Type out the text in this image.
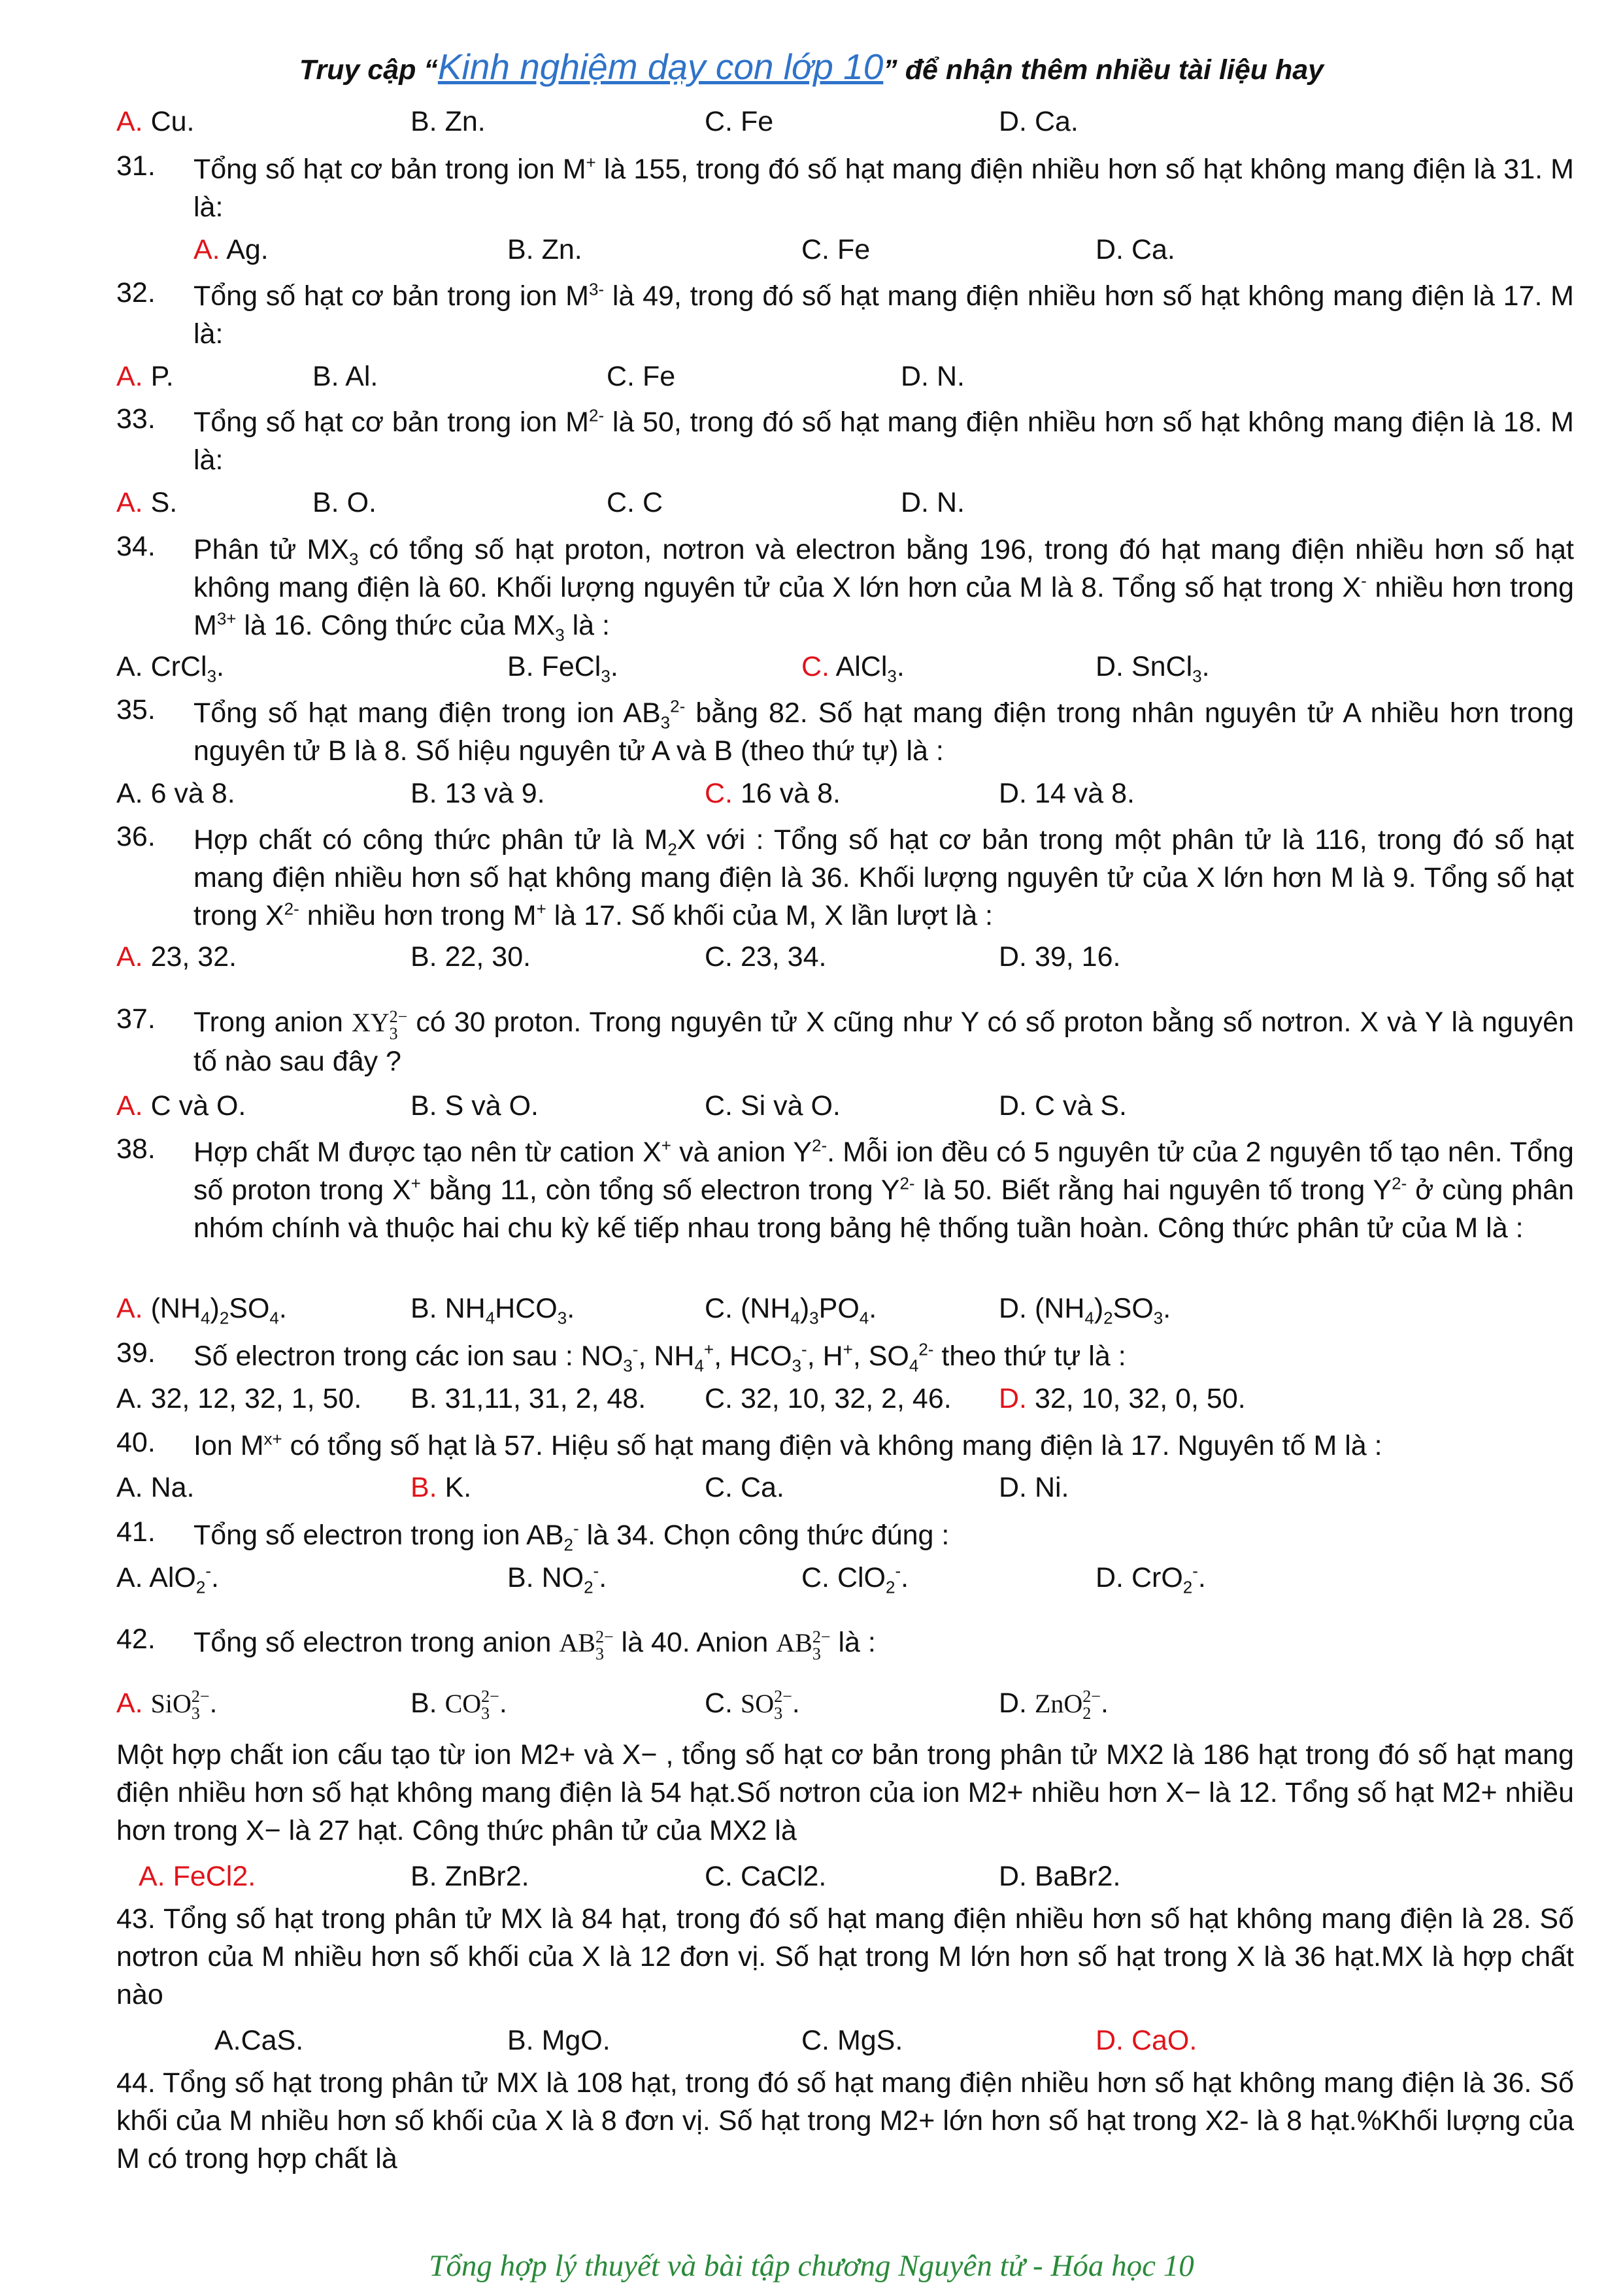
Truy cập “Kinh nghiệm dạy con lớp 10” để nhận thêm nhiều tài liệu hay
A. Cu.	B. Zn.	C. Fe	D. Ca.
31. Tổng số hạt cơ bản trong ion M+ là 155, trong đó số hạt mang điện nhiều hơn số hạt không mang điện là 31. M là:
A. Ag.	B. Zn.	C. Fe	D. Ca.
32. Tổng số hạt cơ bản trong ion $M^{3-}$ là 49, trong đó số hạt mang điện nhiều hơn số hạt không mang điện là 17. M là:
A. P.	B. Al.	C. Fe	D. N.
33. Tổng số hạt cơ bản trong ion $M^{2-}$ là 50, trong đó số hạt mang điện nhiều hơn số hạt không mang điện là 18. M là:
A. S.	B. O.	C. C	D. N.
34. Phân tử $MX_3$ có tổng số hạt proton, nơtron và electron bằng 196, trong đó hạt mang điện nhiều hơn số hạt không mang điện là 60. Khối lượng nguyên tử của X lớn hơn của M là 8. Tổng số hạt trong X- nhiều hơn trong $M^{3+}$ là 16. Công thức của $MX_3$ là :
A. CrCl$_3$.	B. FeCl$_3$.	C. AlCl$_3$.	D. SnCl$_3$.
35. Tổng số hạt mang điện trong ion $AB_3^{2-}$ bằng 82. Số hạt mang điện trong nhân nguyên tử A nhiều hơn trong nguyên tử B là 8. Số hiệu nguyên tử A và B (theo thứ tự) là :
A. 6 và 8.	B. 13 và 9.	C. 16 và 8.	D. 14 và 8.
36. Hợp chất có công thức phân tử là $M_2X$ với : Tổng số hạt cơ bản trong một phân tử là 116, trong đó số hạt mang điện nhiều hơn số hạt không mang điện là 36. Khối lượng nguyên tử của X lớn hơn M là 9. Tổng số hạt trong $X^{2-}$ nhiều hơn trong M+ là 17. Số khối của M, X lần lượt là :
A. 23, 32.	B. 22, 30.	C. 23, 34.	D. 39, 16.
37. Trong anion XY2−
3 có 30 proton. Trong nguyên tử X cũng như Y có số proton bằng số nơtron. X và Y là nguyên tố nào sau đây ?
A. C và O.	B. S và O.	C. Si và O.	D. C và S.
38. Hợp chất M được tạo nên từ cation X+ và anion $Y^{2-}$. Mỗi ion đều có 5 nguyên tử của 2 nguyên tố tạo nên. Tổng số proton trong X+ bằng 11, còn tổng số electron trong $Y^{2-}$ là 50. Biết rằng hai nguyên tố trong $Y^{2-}$ ở cùng phân nhóm chính và thuộc hai chu kỳ kế tiếp nhau trong bảng hệ thống tuần hoàn. Công thức phân tử của M là :
A. $(NH_4)_2SO_4$.	B. $NH_4HCO_3$.	C. $(NH_4)_3PO_4$.	D. $(NH_4)_2SO_3$.
39. Số electron trong các ion sau : $NO_3^-$, $NH_4^+$, $HCO_3^-$, H+, $SO_4^{2-}$ theo thứ tự là :
A. 32, 12, 32, 1, 50. B. 31,11, 31, 2, 48. C. 32, 10, 32, 2, 46. D. 32, 10, 32, 0, 50.
40. Ion $M^{x+}$ có tổng số hạt là 57. Hiệu số hạt mang điện và không mang điện là 17. Nguyên tố M là :
A. Na.	B. K.	C. Ca.	D. Ni.
41. Tổng số electron trong ion $AB_2^-$ là 34. Chọn công thức đúng :
A. AlO$_2$-.	B. $NO_2^-$.	C. ClO$_2$-.	D. CrO$_2$-.
42. Tổng số electron trong anion AB2−
3 là 40. Anion AB2−
3 là :
A. SiO2−
3 .	B. CO2−
3 .	C. SO2−
3 .	D. ZnO2−
2 .
Một hợp chất ion cấu tạo từ ion M2+ và X− , tổng số hạt cơ bản trong phân tử MX2 là 186 hạt trong đó số hạt mang điện nhiều hơn số hạt không mang điện là 54 hạt.Số nơtron của ion M2+ nhiều hơn X− là 12. Tổng số hạt M2+ nhiều hơn trong X− là 27 hạt. Công thức phân tử của MX2 là
A. FeCl2.	B. ZnBr2.	C. CaCl2.	D. BaBr2.
43. Tổng số hạt trong phân tử MX là 84 hạt, trong đó số hạt mang điện nhiều hơn số hạt không mang điện là 28. Số nơtron của M nhiều hơn số khối của X là 12 đơn vị. Số hạt trong M lớn hơn số hạt trong X là 36 hạt.MX là hợp chất nào
A.CaS.	B. MgO.	C. MgS.	D. CaO.
44. Tổng số hạt trong phân tử MX là 108 hạt, trong đó số hạt mang điện nhiều hơn số hạt không mang điện là 36. Số khối của M nhiều hơn số khối của X là 8 đơn vị. Số hạt trong M2+ lớn hơn số hạt trong X2- là 8 hạt.%Khối lượng của M có trong hợp chất là
Tổng hợp lý thuyết và bài tập chương Nguyên tử - Hóa học 10
